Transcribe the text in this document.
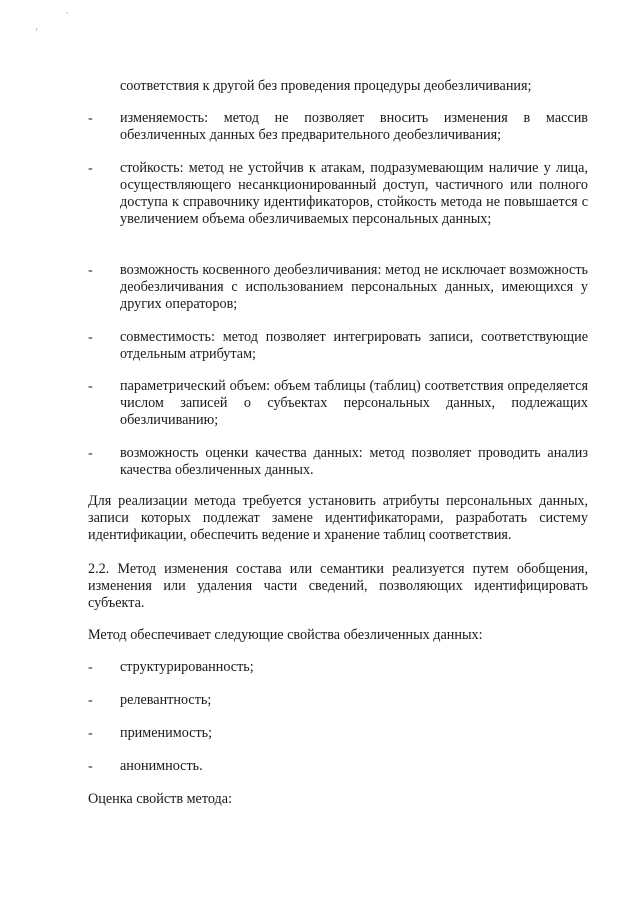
`
'
соответствия к другой без проведения процедуры деобезличивания;
-	изменяемость: метод не позволяет вносить изменения в массив обезличенных данных без предварительного деобезличивания;
-	стойкость: метод не устойчив к атакам, подразумевающим наличие у лица, осуществляющего несанкционированный доступ, частичного или полного доступа к справочнику идентификаторов, стойкость метода не повышается с увеличением объема обезличиваемых персональных данных;
-	возможность косвенного деобезличивания: метод не исключает возможность деобезличивания с использованием персональных данных, имеющихся у других операторов;
-	совместимость: метод позволяет интегрировать записи, соответствующие отдельным атрибутам;
-	параметрический объем: объем таблицы (таблиц) соответствия определяется числом записей о субъектах персональных данных, подлежащих обезличиванию;
-	возможность оценки качества данных: метод позволяет проводить анализ качества обезличенных данных.
Для реализации метода требуется установить атрибуты персональных данных, записи которых подлежат замене идентификаторами, разработать систему идентификации, обеспечить ведение и хранение таблиц соответствия.
2.2. Метод изменения состава или семантики реализуется путем обобщения, изменения или удаления части сведений, позволяющих идентифицировать субъекта.
Метод обеспечивает следующие свойства обезличенных данных:
-	структурированность;
-	релевантность;
-	применимость;
-	анонимность.
Оценка свойств метода:
